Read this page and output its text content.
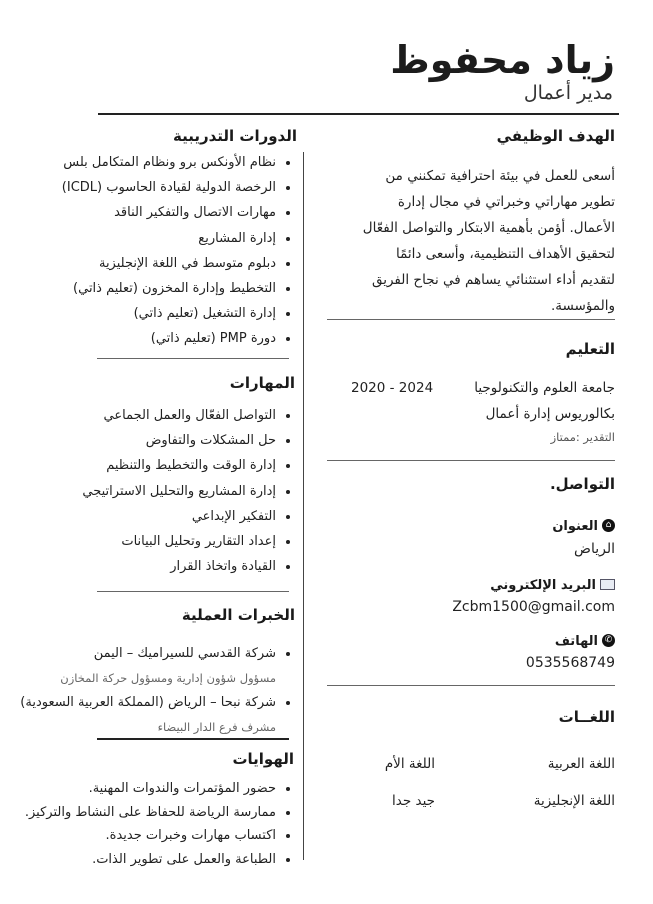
زياد محفوظ
مدير أعمال
الهدف الوظيفي
أسعى للعمل في بيئة احترافية تمكنني من
تطوير مهاراتي وخبراتي في مجال إدارة
الأعمال. أؤمن بأهمية الابتكار والتواصل الفعّال
لتحقيق الأهداف التنظيمية، وأسعى دائمًا
لتقديم أداء استثنائي يساهم في نجاح الفريق
والمؤسسة.
التعليم
جامعة العلوم والتكنولوجيا
2020 - 2024
بكالوريوس إدارة أعمال
التقدير :ممتاز
التواصل.
⌂العنوان
الرياض
البريد الإلكتروني
Zcbm1500@gmail.com
✆الهاتف
0535568749
اللغــات
اللغة العربية
اللغة الأم
اللغة الإنجليزية
جيد جدا
الدورات التدريبية
• نظام الأونكس برو ونظام المتكامل بلس
• الرخصة الدولية لقيادة الحاسوب (ICDL)
• مهارات الاتصال والتفكير الناقد
• إدارة المشاريع
• دبلوم متوسط في اللغة الإنجليزية
• التخطيط وإدارة المخزون (تعليم ذاتي)
• إدارة التشغيل (تعليم ذاتي)
• دورة PMP (تعليم ذاتي)
المهارات
• التواصل الفعّال والعمل الجماعي
• حل المشكلات والتفاوض
• إدارة الوقت والتخطيط والتنظيم
• إدارة المشاريع والتحليل الاستراتيجي
• التفكير الإبداعي
• إعداد التقارير وتحليل البيانات
• القيادة واتخاذ القرار
الخبرات العملية
• شركة القدسي للسيراميك – اليمن
مسؤول شؤون إدارية ومسؤول حركة المخازن
• شركة نبحا – الرياض (المملكة العربية السعودية)
مشرف فرع الدار البيضاء
الهوايات
• حضور المؤتمرات والندوات المهنية.
• ممارسة الرياضة للحفاظ على النشاط والتركيز.
• اكتساب مهارات وخبرات جديدة.
• الطباعة والعمل على تطوير الذات.
